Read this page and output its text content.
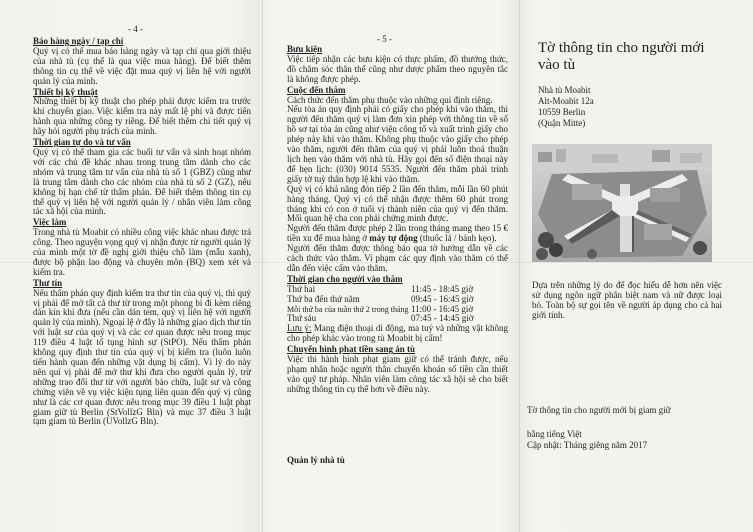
- 4 -
Báo hàng ngày / tạp chí

Quý vị có thể mua báo hàng ngày và tạp chí qua giới thiệu của nhà tù (cụ thể là qua việc mua hàng). Để biết thêm thông tin cụ thể về việc đặt mua quý vị liên hệ với người quản lý của mình.

Thiết bị kỹ thuật

Những thiết bị kỹ thuật cho phép phải được kiểm tra trước khi chuyển giao. Việc kiểm tra này mất lệ phí và được tiến hành qua những công ty riêng. Để biết thêm chi tiết quý vị hãy hỏi người phụ trách của mình.

Thời gian tự do và tư vấn

Quý vị có thể tham gia các buổi tư vấn và sinh hoạt nhóm với các chủ đề khác nhau trong trung tâm dành cho các nhóm và trung tâm tư vấn của nhà tù số 1 (GBZ) cũng như là trung tâm dành cho các nhóm của nhà tù số 2 (GZ), nếu không bị hạn chế từ thẩm phán. Để biết thêm thông tin cụ thể quý vị liên hệ với người quản lý / nhân viên làm công tác xã hội của mình.

Việc làm

Trong nhà tù Moabit có nhiều công việc khác nhau được trả công. Theo nguyện vọng quý vị nhận được từ người quản lý của mình một tờ đề nghị giới thiệu chỗ làm (mẫu xanh), được bộ phận lao động và chuyên môn (BQ) xem xét và kiểm tra.

Thư tín

Nếu thẩm phán quy định kiểm tra thư tín của quý vị, thì quý vị phải để mở tất cả thư từ trong một phong bì đi kèm riêng dán kín khi đưa (nếu cần dán tem, quý vị liên hệ với người quản lý của mình). Ngoại lệ ở đây là những giao dịch thư tín với luật sư của quý vị và các cơ quan được nêu trong mục 119 điều 4 luật tố tụng hình sự (StPO). Nếu thẩm phán không quy định thư tín của quý vị bị kiểm tra (luôn luôn tiến hành quan đến những vật dụng bị cấm). Vì lý do này nên quí vị phải để mở thư khi đưa cho người quản lý, trừ những trao đổi thư từ với người bào chữa, luật sư và công chứng viên về vụ việc kiện tụng liên quan đến quý vị cũng như là các cơ quan được nêu trong mục 39 điều 1 luật phạt giam giữ tù Berlin (StVollzG Bln) và mục 37 điều 3 luật tạm giam tù Berlin (UVollzG Bln).

- 5 -
Bưu kiện

Việc tiếp nhận các bưu kiện có thực phẩm, đồ thưởng thức, đồ chăm sóc thân thể cũng như dược phẩm theo nguyên tắc là không được phép.

Cuộc đến thăm

Cách thức đến thăm phụ thuộc vào những qui định riêng.

Nếu tòa án quy định phải có giấy cho phép khi vào thăm, thì người đến thăm quý vị làm đơn xin phép với thông tin về số hồ sơ tại tòa án cũng như viện công tố và xuất trình giấy cho phép này khi vào thăm. Không phụ thuộc vào giấy cho phép vào thăm, người đến thăm của quý vị phải luôn thoả thuận lịch hẹn vào thăm với nhà tù. Hãy gọi đến số điện thoại này để hẹn lịch: (030) 9014 5535. Người đến thăm phải trình giấy tờ tuỳ thân hợp lệ khi vào thăm.

Quý vị có khả năng đón tiếp 2 lần đến thăm, mỗi lần 60 phút hàng tháng. Quý vị có thể nhận được thêm 60 phút trong tháng khi có con ở tuổi vị thành niên của quý vị đến thăm. Mối quan hệ cha con phải chứng minh được.

Người đến thăm được phép 2 lần trong tháng mang theo 15 € tiền xu để mua hàng ở máy tự động (thuốc lá / bánh kẹo).

Người đến thăm được thông báo qua tờ hướng dẫn về các cách thức vào thăm. Vi phạm các quy định vào thăm có thể dẫn đến việc cấm vào thăm.

Thời gian cho người vào thăm
Thứ hai	11:45 - 18:45 giờ
Thứ ba đến thứ năm	09:45 - 16:45 giờ
Mỗi thứ ba của tuần thứ 2 trong tháng 11:00 - 16:45 giờ
Thứ sáu	07:45 - 14:45 giờ

Lưu ý: Mang điện thoại di động, ma tuý và những vật không cho phép khác vào trong tù Moabit bị cấm!

Chuyển hình phạt tiền sang án tù

Việc thi hành hình phạt giam giữ có thể tránh được, nếu phạm nhân hoặc người thân chuyển khoản số tiền cần thiết vào quỹ tư pháp. Nhân viên làm công tác xã hội sẽ cho biết những thông tin cụ thể hơn về điều này.

Quản lý nhà tù
Tờ thông tin cho người mới vào tù
Nhà tù Moabit
Alt-Moabit 12a
10559 Berlin
(Quận Mitte)
Dựa trên những lý do để đọc hiểu dễ hơn nên việc sử dụng ngôn ngữ phân biệt nam và nữ được loại bỏ. Toàn bộ sự gọi tên về người áp dụng cho cả hai giới tính.
Tờ thông tin cho người mới bị giam giữ
bằng tiếng Việt
Cập nhật: Tháng giêng năm 2017
